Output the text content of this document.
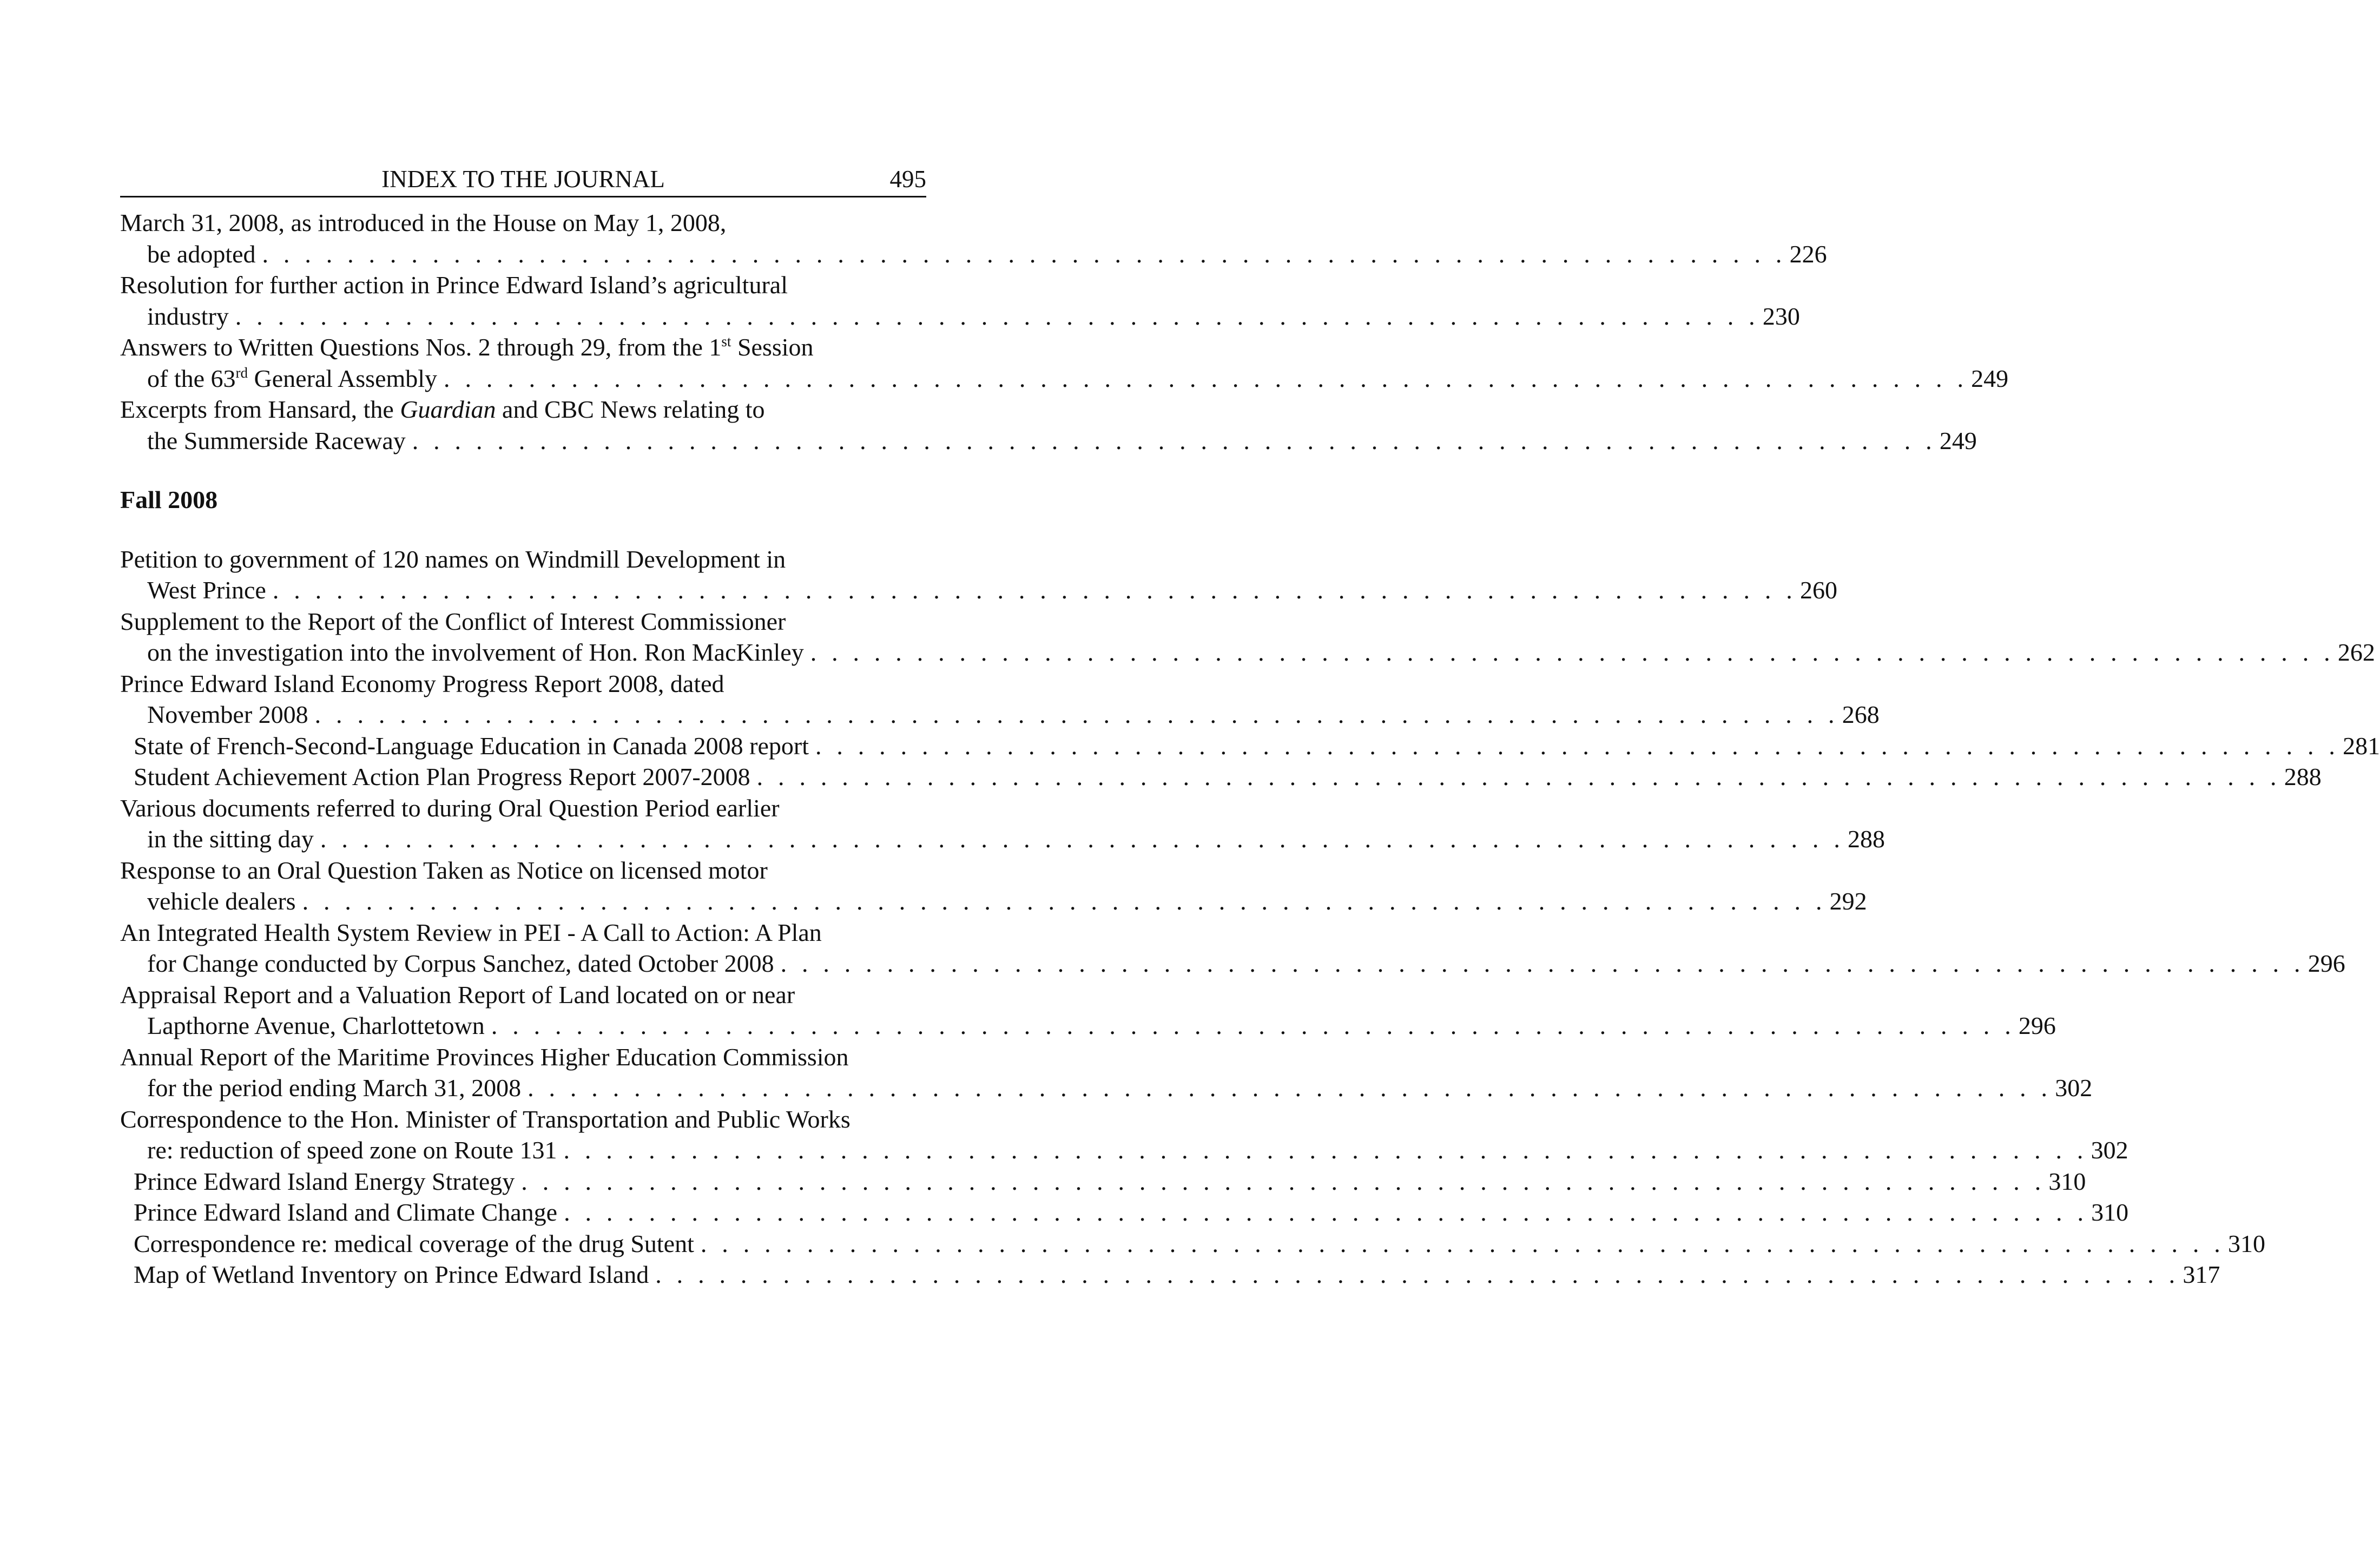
INDEX TO THE JOURNAL	495
March 31, 2008, as introduced in the House on May 1, 2008,
be adopted . . . . . . . . . . . . . . . . . . . . . . . . . . . . . . . . . . . . . . . . . . . . . . . . . . . . . . . . . . . . . . . . . . . . . . . . 226
Resolution for further action in Prince Edward Island’s agricultural
industry . . . . . . . . . . . . . . . . . . . . . . . . . . . . . . . . . . . . . . . . . . . . . . . . . . . . . . . . . . . . . . . . . . . . . . . . 230
Answers to Written Questions Nos. 2 through 29, from the 1st Session
of the 63rd General Assembly . . . . . . . . . . . . . . . . . . . . . . . . . . . . . . . . . . . . . . . . . . . . . . . . . . . . . . . . . . . . . . . . . . . . . . . . 249
Excerpts from Hansard, the Guardian and CBC News relating to
the Summerside Raceway . . . . . . . . . . . . . . . . . . . . . . . . . . . . . . . . . . . . . . . . . . . . . . . . . . . . . . . . . . . . . . . . . . . . . . . . 249
Fall 2008
Petition to government of 120 names on Windmill Development in
West Prince . . . . . . . . . . . . . . . . . . . . . . . . . . . . . . . . . . . . . . . . . . . . . . . . . . . . . . . . . . . . . . . . . . . . . . . . 260
Supplement to the Report of the Conflict of Interest Commissioner
on the investigation into the involvement of Hon. Ron MacKinley . . . . . . . . . . . . . . . . . . . . . . . . . . . . . . . . . . . . . . . . . . . . . . . . . . . . . . . . . . . . . . . . . . . . . . . . 262
Prince Edward Island Economy Progress Report 2008, dated
November 2008 . . . . . . . . . . . . . . . . . . . . . . . . . . . . . . . . . . . . . . . . . . . . . . . . . . . . . . . . . . . . . . . . . . . . . . . . 268
State of French-Second-Language Education in Canada 2008 report . . . . . . . . . . . . . . . . . . . . . . . . . . . . . . . . . . . . . . . . . . . . . . . . . . . . . . . . . . . . . . . . . . . . . . . . 281
Student Achievement Action Plan Progress Report 2007-2008 . . . . . . . . . . . . . . . . . . . . . . . . . . . . . . . . . . . . . . . . . . . . . . . . . . . . . . . . . . . . . . . . . . . . . . . . 288
Various documents referred to during Oral Question Period earlier
in the sitting day . . . . . . . . . . . . . . . . . . . . . . . . . . . . . . . . . . . . . . . . . . . . . . . . . . . . . . . . . . . . . . . . . . . . . . . . 288
Response to an Oral Question Taken as Notice on licensed motor
vehicle dealers . . . . . . . . . . . . . . . . . . . . . . . . . . . . . . . . . . . . . . . . . . . . . . . . . . . . . . . . . . . . . . . . . . . . . . . . 292
An Integrated Health System Review in PEI - A Call to Action: A Plan
for Change conducted by Corpus Sanchez, dated October 2008 . . . . . . . . . . . . . . . . . . . . . . . . . . . . . . . . . . . . . . . . . . . . . . . . . . . . . . . . . . . . . . . . . . . . . . . . 296
Appraisal Report and a Valuation Report of Land located on or near
Lapthorne Avenue, Charlottetown . . . . . . . . . . . . . . . . . . . . . . . . . . . . . . . . . . . . . . . . . . . . . . . . . . . . . . . . . . . . . . . . . . . . . . . . 296
Annual Report of the Maritime Provinces Higher Education Commission
for the period ending March 31, 2008 . . . . . . . . . . . . . . . . . . . . . . . . . . . . . . . . . . . . . . . . . . . . . . . . . . . . . . . . . . . . . . . . . . . . . . . . 302
Correspondence to the Hon. Minister of Transportation and Public Works
re: reduction of speed zone on Route 131 . . . . . . . . . . . . . . . . . . . . . . . . . . . . . . . . . . . . . . . . . . . . . . . . . . . . . . . . . . . . . . . . . . . . . . . . 302
Prince Edward Island Energy Strategy . . . . . . . . . . . . . . . . . . . . . . . . . . . . . . . . . . . . . . . . . . . . . . . . . . . . . . . . . . . . . . . . . . . . . . . . 310
Prince Edward Island and Climate Change . . . . . . . . . . . . . . . . . . . . . . . . . . . . . . . . . . . . . . . . . . . . . . . . . . . . . . . . . . . . . . . . . . . . . . . . 310
Correspondence re: medical coverage of the drug Sutent . . . . . . . . . . . . . . . . . . . . . . . . . . . . . . . . . . . . . . . . . . . . . . . . . . . . . . . . . . . . . . . . . . . . . . . . 310
Map of Wetland Inventory on Prince Edward Island . . . . . . . . . . . . . . . . . . . . . . . . . . . . . . . . . . . . . . . . . . . . . . . . . . . . . . . . . . . . . . . . . . . . . . . . 317
